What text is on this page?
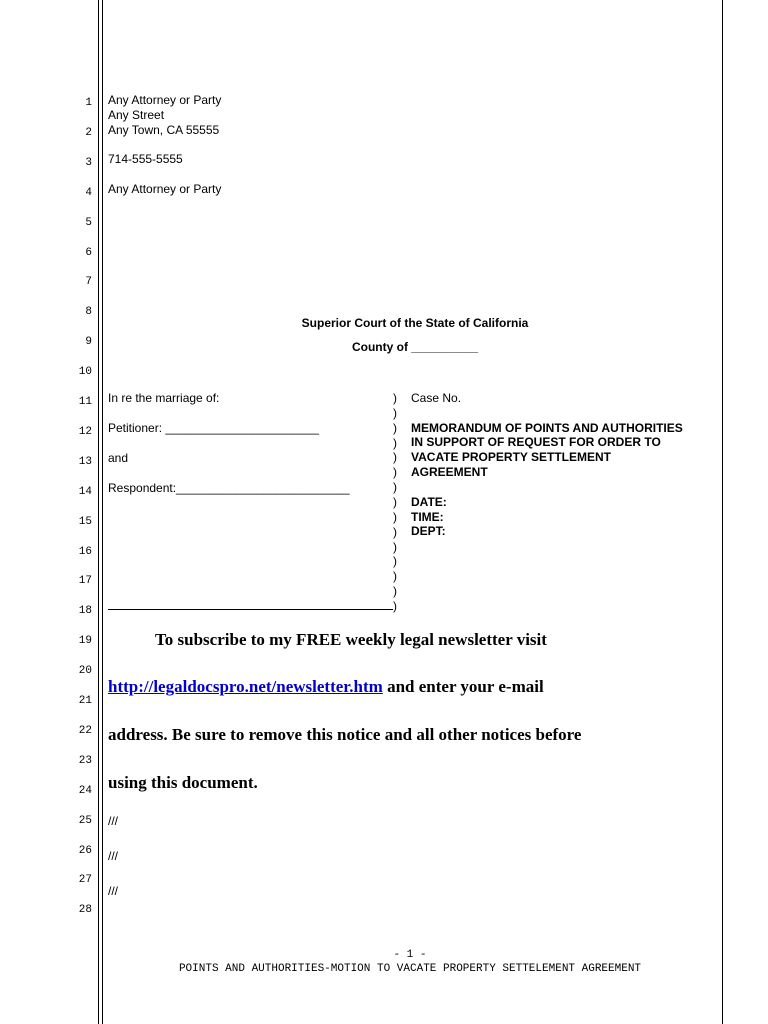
1
2
3
4
5
6
7
8
9
10
11
12
13
14
15
16
17
18
19
20
21
22
23
24
25
26
27
28
Any Attorney or Party
Any Street
Any Town, CA 55555
714-555-5555
Any Attorney or Party
Superior Court of the State of California
County of __________
In re the marriage of:
Petitioner: _______________________
and
Respondent:__________________________
)
)
)
)
)
)
)
)
)
)
)
)
)
)
)
Case No.
MEMORANDUM OF POINTS AND AUTHORITIES
IN SUPPORT OF REQUEST FOR ORDER TO
VACATE PROPERTY SETTLEMENT
AGREEMENT
DATE:
TIME:
DEPT:
To subscribe to my FREE weekly legal newsletter visit
http://legaldocspro.net/newsletter.htm and enter your e-mail
address. Be sure to remove this notice and all other notices before
using this document.
///
///
///
- 1 -
POINTS AND AUTHORITIES-MOTION TO VACATE PROPERTY SETTELEMENT AGREEMENT
